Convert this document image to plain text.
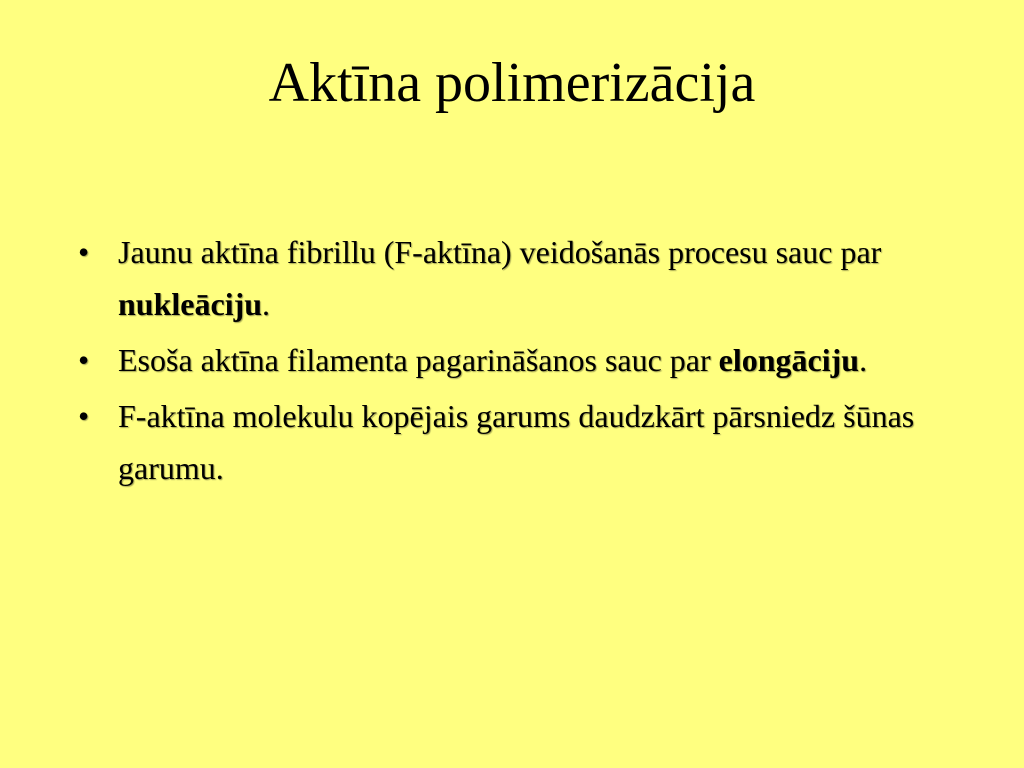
Aktīna polimerizācija
• Jaunu aktīna fibrillu (F-aktīna) veidošanās procesu sauc par nukleāciju.
• Esoša aktīna filamenta pagarināšanos sauc par elongāciju.
• F-aktīna molekulu kopējais garums daudzkārt pārsniedz šūnas garumu.
